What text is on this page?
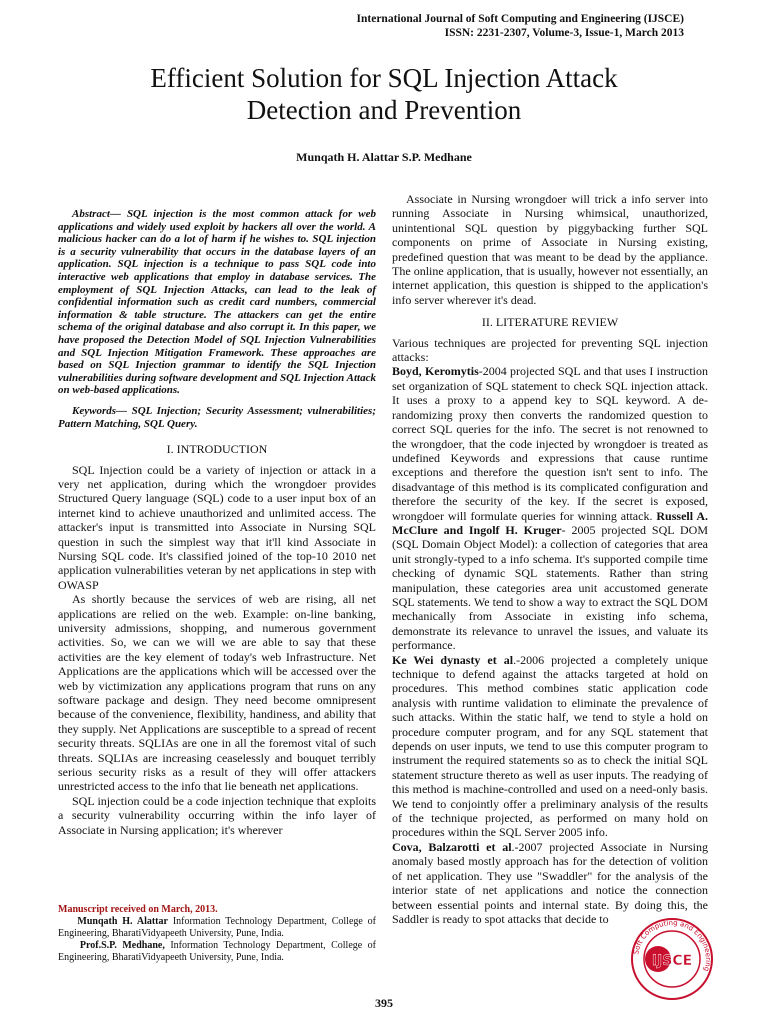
International Journal of Soft Computing and Engineering (IJSCE)
ISSN: 2231-2307, Volume-3, Issue-1, March 2013
Efficient Solution for SQL Injection Attack
Detection and Prevention
Munqath H. Alattar S.P. Medhane

Abstract— SQL injection is the most common attack for web applications and widely used exploit by hackers all over the world. A malicious hacker can do a lot of harm if he wishes to. SQL injection is a security vulnerability that occurs in the database layers of an application. SQL injection is a technique to pass SQL code into interactive web applications that employ in database services. The employment of SQL Injection Attacks, can lead to the leak of confidential information such as credit card numbers, commercial information & table structure. The attackers can get the entire schema of the original database and also corrupt it. In this paper, we have proposed the Detection Model of SQL Injection Vulnerabilities and SQL Injection Mitigation Framework. These approaches are based on SQL Injection grammar to identify the SQL Injection vulnerabilities during software development and SQL Injection Attack on web-based applications.

Keywords— SQL Injection; Security Assessment; vulnerabilities; Pattern Matching, SQL Query.

I. INTRODUCTION

SQL Injection could be a variety of injection or attack in a very net application, during which the wrongdoer provides Structured Query language (SQL) code to a user input box of an internet kind to achieve unauthorized and unlimited access. The attacker's input is transmitted into Associate in Nursing SQL question in such the simplest way that it'll kind Associate in Nursing SQL code. It's classified joined of the top-10 2010 net application vulnerabilities veteran by net applications in step with OWASP

As shortly because the services of web are rising, all net applications are relied on the web. Example: on-line banking, university admissions, shopping, and numerous government activities. So, we can we will we are able to say that these activities are the key element of today's web Infrastructure. Net Applications are the applications which will be accessed over the web by victimization any applications program that runs on any software package and design. They need become omnipresent because of the convenience, flexibility, handiness, and ability that they supply. Net Applications are susceptible to a spread of recent security threats. SQLIAs are one in all the foremost vital of such threats. SQLIAs are increasing ceaselessly and bouquet terribly serious security risks as a result of they will offer attackers unrestricted access to the info that lie beneath net applications.

SQL injection could be a code injection technique that exploits a security vulnerability occurring within the info layer of Associate in Nursing application; it's wherever

Manuscript received on March, 2013.
Munqath H. Alattar Information Technology Department, College of Engineering, BharatiVidyapeeth University, Pune, India.
Prof.S.P. Medhane, Information Technology Department, College of Engineering, BharatiVidyapeeth University, Pune, India.

Associate in Nursing wrongdoer will trick a info server into running Associate in Nursing whimsical, unauthorized, unintentional SQL question by piggybacking further SQL components on prime of Associate in Nursing existing, predefined question that was meant to be dead by the appliance. The online application, that is usually, however not essentially, an internet application, this question is shipped to the application's info server wherever it's dead.

II. LITERATURE REVIEW

Various techniques are projected for preventing SQL injection attacks:

Boyd, Keromytis-2004 projected SQL and that uses I instruction set organization of SQL statement to check SQL injection attack. It uses a proxy to a append key to SQL keyword. A de-randomizing proxy then converts the randomized question to correct SQL queries for the info. The secret is not renowned to the wrongdoer, that the code injected by wrongdoer is treated as undefined Keywords and expressions that cause runtime exceptions and therefore the question isn't sent to info. The disadvantage of this method is its complicated configuration and therefore the security of the key. If the secret is exposed, wrongdoer will formulate queries for winning attack. Russell A. McClure and Ingolf H. Kruger- 2005 projected SQL DOM (SQL Domain Object Model): a collection of categories that area unit strongly-typed to a info schema. It's supported compile time checking of dynamic SQL statements. Rather than string manipulation, these categories area unit accustomed generate SQL statements. We tend to show a way to extract the SQL DOM mechanically from Associate in existing info schema, demonstrate its relevance to unravel the issues, and valuate its performance.

Ke Wei dynasty et al.-2006 projected a completely unique technique to defend against the attacks targeted at hold on procedures. This method combines static application code analysis with runtime validation to eliminate the prevalence of such attacks. Within the static half, we tend to style a hold on procedure computer program, and for any SQL statement that depends on user inputs, we tend to use this computer program to instrument the required statements so as to check the initial SQL statement structure thereto as well as user inputs. The readying of this method is machine-controlled and used on a need-only basis. We tend to conjointly offer a preliminary analysis of the results of the technique projected, as performed on many hold on procedures within the SQL Server 2005 info.

Cova, Balzarotti et al.-2007 projected Associate in Nursing anomaly based mostly approach has for the detection of volition of net application. They use "Swaddler" for the analysis of the interior state of net applications and notice the connection between essential points and internal state. By doing this, the Saddler is ready to spot attacks that decide to

395
Soft Computing and Engineering
IJSCE
